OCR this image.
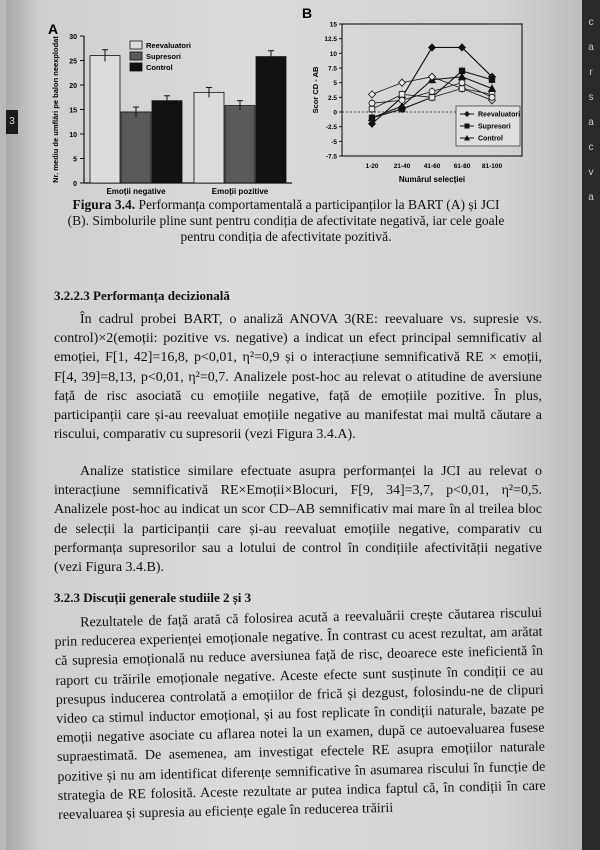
A
B
0
5
10
15
20
25
30
Nr. mediu de umflări pe balon neexplodat
Emoții negative	Emoții pozitive
Reevaluatori
Supresori
Control
15
12.5
10
7.5
5
2.5
0
-2.5
-5
-7.5
1-20 21-40 41-60 61-80 81-100
Numărul selecției
Scor CD - AB
Reevaluatori
Supresori
Control
Figura 3.4. Performanța comportamentală a participanților la BART (A) și JCI (B). Simbolurile pline sunt pentru condiția de afectivitate negativă, iar cele goale pentru condiția de afectivitate pozitivă.
3.2.2.3 Performanța decizională
În cadrul probei BART, o analiză ANOVA 3(RE: reevaluare vs. supresie vs. control)×2(emoții: pozitive vs. negative) a indicat un efect principal semnificativ al emoției, F[1, 42]=16,8, p<0,01, η²=0,9 și o interacțiune semnificativă RE × emoții, F[4, 39]=8,13, p<0,01, η²=0,7. Analizele post-hoc au relevat o atitudine de aversiune față de risc asociată cu emoțiile negative, față de emoțiile pozitive. În plus, participanții care și-au reevaluat emoțiile negative au manifestat mai multă căutare a riscului, comparativ cu supresorii (vezi Figura 3.4.A).
Analize statistice similare efectuate asupra performanței la JCI au relevat o interacțiune semnificativă RE×Emoții×Blocuri, F[9, 34]=3,7, p<0,01, η²=0,5. Analizele post-hoc au indicat un scor CD–AB semnificativ mai mare în al treilea bloc de selecții la participanții care și-au reevaluat emoțiile negative, comparativ cu performanța supresorilor sau a lotului de control în condițiile afectivității negative (vezi Figura 3.4.B).
3.2.3 Discuții generale studiile 2 și 3
Rezultatele de față arată că folosirea acută a reevaluării crește căutarea riscului prin reducerea experienței emoționale negative. În contrast cu acest rezultat, am arătat că supresia emoțională nu reduce aversiunea față de risc, deoarece este ineficientă în raport cu trăirile emoționale negative. Aceste efecte sunt susținute în condiții ce au presupus inducerea controlată a emoțiilor de frică și dezgust, folosindu-ne de clipuri video ca stimul inductor emoțional, și au fost replicate în condiții naturale, bazate pe emoții negative asociate cu aflarea notei la un examen, după ce autoevaluarea fusese supraestimată. De asemenea, am investigat efectele RE asupra emoțiilor naturale pozitive și nu am identificat diferențe semnificative în asumarea riscului în funcție de strategia de RE folosită. Aceste rezultate ar putea indica faptul că, în condiții în care reevaluarea și supresia au eficiențe egale în reducerea trăirii
3
c
a
r
s
a
c
v
a
